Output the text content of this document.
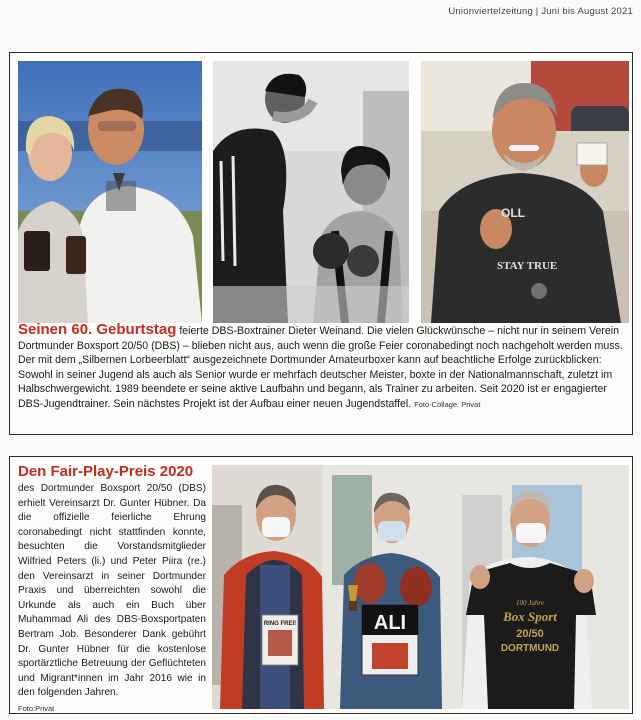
Unionviertelzeitung | Juni bis August 2021
OLL
STAY TRUE
Seinen 60. Geburtstag feierte DBS-Boxtrainer Dieter Weinand. Die vielen Glückwünsche – nicht nur in seinem Verein Dortmunder Boxsport 20/50 (DBS) – blieben nicht aus, auch wenn die große Feier coronabedingt noch nachgeholt werden muss. Der mit dem „Silbernen Lorbeerblatt“ ausgezeichnete Dortmunder Amateurboxer kann auf beachtliche Erfolge zurückblicken: Sowohl in seiner Jugend als auch als Senior wurde er mehrfach deutscher Meister, boxte in der Nationalmannschaft, zuletzt im Halbschwergewicht. 1989 beendete er seine aktive Laufbahn und begann, als Trainer zu arbeiten. Seit 2020 ist er engagierter DBS-Jugendtrainer. Sein nächstes Projekt ist der Aufbau einer neuen Jugendstaffel. Foto-Collage: Privat
Den Fair-Play-Preis 2020
des Dortmunder Boxsport 20/50 (DBS) erhielt Vereinsarzt Dr. Gunter Hübner. Da die offizielle feierliche Ehrung coronabedingt nicht stattfinden konnte, besuchten die Vorstandsmitglieder Wilfried Peters (li.) und Peter Piira (re.) den Vereinsarzt in seiner Dortmunder Praxis und überreichten sowohl die Urkunde als auch ein Buch über Muhammad Ali des DBS-Boxsportpaten Bertram Job. Besonderer Dank gebührt Dr. Gunter Hübner für die kostenlose sportärztliche Betreuung der Geflüchteten und Migrant*innen im Jahr 2016 wie in den folgenden Jahren.
Foto:Privat
RING FREI!	ALI
100 Jahre
Box Sport
20/50
DORTMUND
